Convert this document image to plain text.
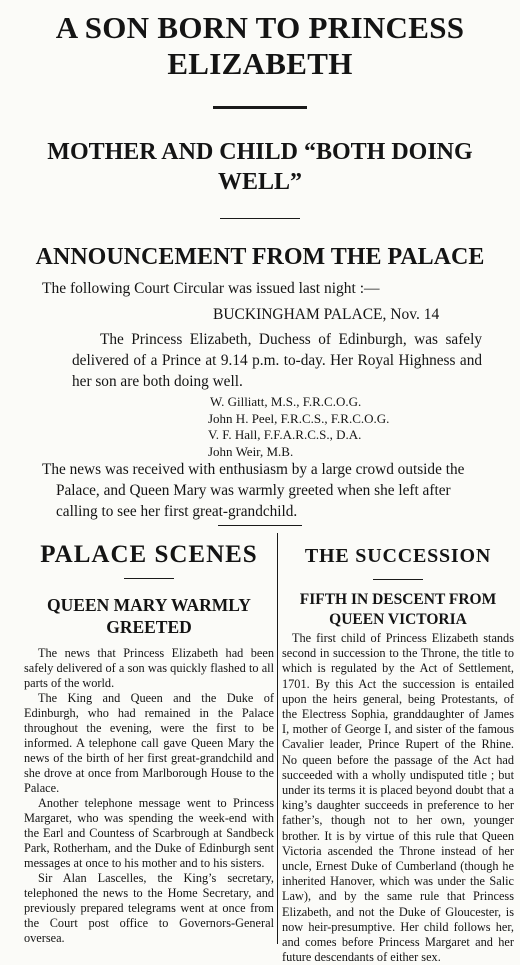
A SON BORN TO PRINCESS ELIZABETH
MOTHER AND CHILD “BOTH DOING WELL”
ANNOUNCEMENT FROM THE PALACE

The following Court Circular was issued last night :—

BUCKINGHAM PALACE, Nov. 14

The Princess Elizabeth, Duchess of Edinburgh, was safely delivered of a Prince at 9.14 p.m. to-day. Her Royal Highness and her son are both doing well.

W. Gilliatt, M.S., F.R.C.O.G.
John H. Peel, F.R.C.S., F.R.C.O.G.
V. F. Hall, F.F.A.R.C.S., D.A.
John Weir, M.B.
The news was received with enthusiasm by a large crowd outside the
Palace, and Queen Mary was warmly greeted when she left after
calling to see her first great-grandchild.
PALACE SCENES
QUEEN MARY WARMLY GREETED

The news that Princess Elizabeth had been safely delivered of a son was quickly flashed to all parts of the world.

The King and Queen and the Duke of Edinburgh, who had remained in the Palace throughout the evening, were the first to be informed. A telephone call gave Queen Mary the news of the birth of her first great-grandchild and she drove at once from Marlborough House to the Palace.

Another telephone message went to Princess Margaret, who was spending the week-end with the Earl and Countess of Scarbrough at Sandbeck Park, Rotherham, and the Duke of Edinburgh sent messages at once to his mother and to his sisters.

Sir Alan Lascelles, the King’s secretary, telephoned the news to the Home Secretary, and previously prepared telegrams went at once from the Court post office to Governors-General oversea.

THE SUCCESSION
FIFTH IN DESCENT FROM QUEEN VICTORIA

The first child of Princess Elizabeth stands second in succession to the Throne, the title to which is regulated by the Act of Settlement, 1701. By this Act the succession is entailed upon the heirs general, being Protestants, of the Electress Sophia, granddaughter of James I, mother of George I, and sister of the famous Cavalier leader, Prince Rupert of the Rhine. No queen before the passage of the Act had succeeded with a wholly undisputed title ; but under its terms it is placed beyond doubt that a king’s daughter succeeds in preference to her father’s, though not to her own, younger brother. It is by virtue of this rule that Queen Victoria ascended the Throne instead of her uncle, Ernest Duke of Cumberland (though he inherited Hanover, which was under the Salic Law), and by the same rule that Princess Elizabeth, and not the Duke of Gloucester, is now heir-presumptive. Her child follows her, and comes before Princess Margaret and her future descendants of either sex.
